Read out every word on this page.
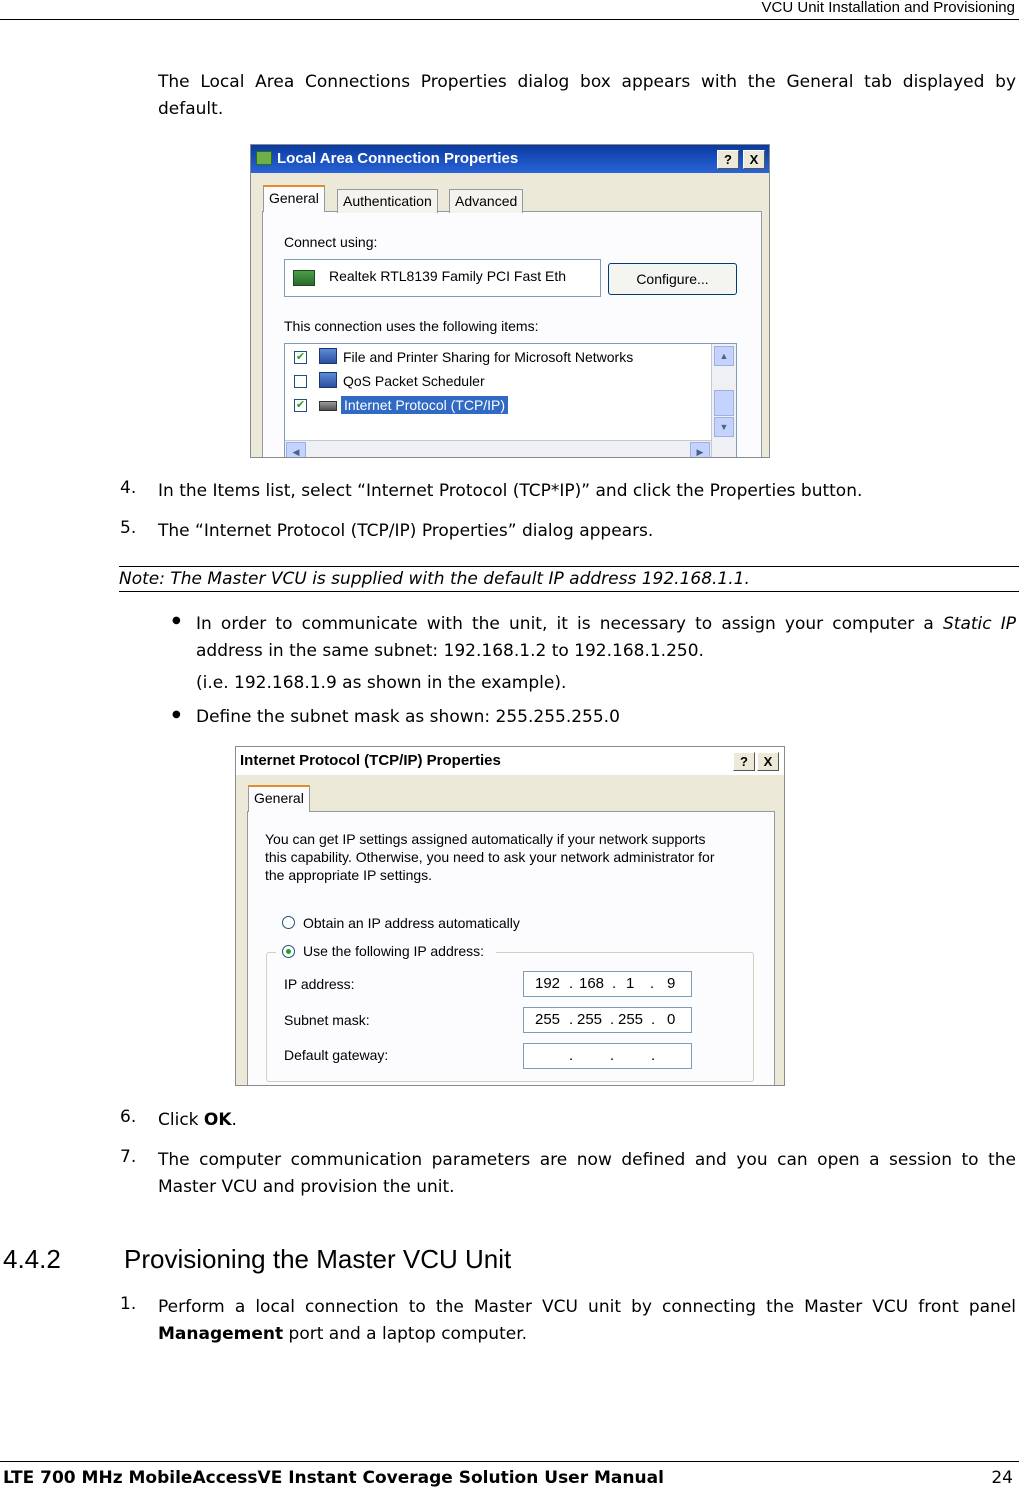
VCU Unit Installation and Provisioning
The Local Area Connections Properties dialog box appears with the General tab displayed by default.
Local Area Connection Properties	?	X
General	Authentication	Advanced
Connect using:
Realtek RTL8139 Family PCI Fast Eth	Configure...
This connection uses the following items:
✔	File and Printer Sharing for Microsoft Networks
QoS Packet Scheduler
✔	Internet Protocol (TCP/IP)
▲
▼
◀	▶
4. In the Items list, select “Internet Protocol (TCP*IP)” and click the Properties button.
5. The “Internet Protocol (TCP/IP) Properties” dialog appears.
Note: The Master VCU is supplied with the default IP address 192.168.1.1.
● In order to communicate with the unit, it is necessary to assign your computer a Static IP address in the same subnet: 192.168.1.2 to 192.168.1.250.
(i.e. 192.168.1.9 as shown in the example).
● Define the subnet mask as shown: 255.255.255.0
Internet Protocol (TCP/IP) Properties	?	X
General
You can get IP settings assigned automatically if your network supports
this capability. Otherwise, you need to ask your network administrator for
the appropriate IP settings.
Obtain an IP address automatically
Use the following IP address:
IP address:	192 . 168 . 1 . 9
Subnet mask:	255 . 255 . 255 . 0
Default gateway:	. . .
6. Click OK.
7. The computer communication parameters are now defined and you can open a session to the Master VCU and provision the unit.
4.4.2 Provisioning the Master VCU Unit
1. Perform a local connection to the Master VCU unit by connecting the Master VCU front panel Management port and a laptop computer.
LTE 700 MHz MobileAccessVE Instant Coverage Solution User Manual	24
